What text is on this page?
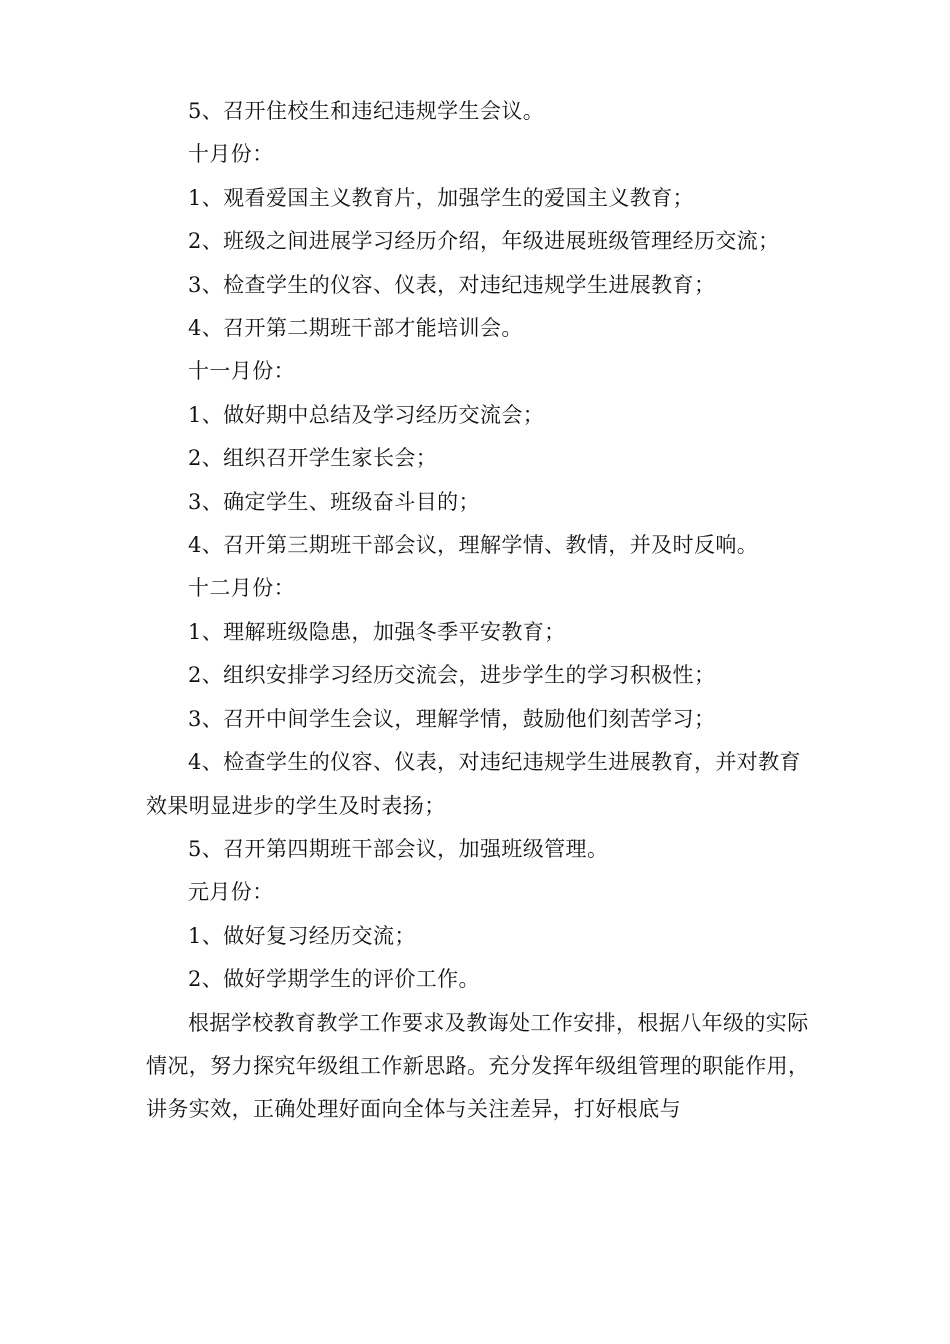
5、召开住校生和违纪违规学生会议。

十月份：

1、观看爱国主义教育片，加强学生的爱国主义教育；

2、班级之间进展学习经历介绍，年级进展班级管理经历交流；

3、检查学生的仪容、仪表，对违纪违规学生进展教育；

4、召开第二期班干部才能培训会。

十一月份：

1、做好期中总结及学习经历交流会；

2、组织召开学生家长会；

3、确定学生、班级奋斗目的；

4、召开第三期班干部会议，理解学情、教情，并及时反响。

十二月份：

1、理解班级隐患，加强冬季平安教育；

2、组织安排学习经历交流会，进步学生的学习积极性；

3、召开中间学生会议，理解学情，鼓励他们刻苦学习；

4、检查学生的仪容、仪表，对违纪违规学生进展教育，并对教育效果明显进步的学生及时表扬；

5、召开第四期班干部会议，加强班级管理。

元月份：

1、做好复习经历交流；

2、做好学期学生的评价工作。

根据学校教育教学工作要求及教诲处工作安排，根据八年级的实际情况，努力探究年级组工作新思路。充分发挥年级组管理的职能作用，讲务实效，正确处理好面向全体与关注差异，打好根底与
